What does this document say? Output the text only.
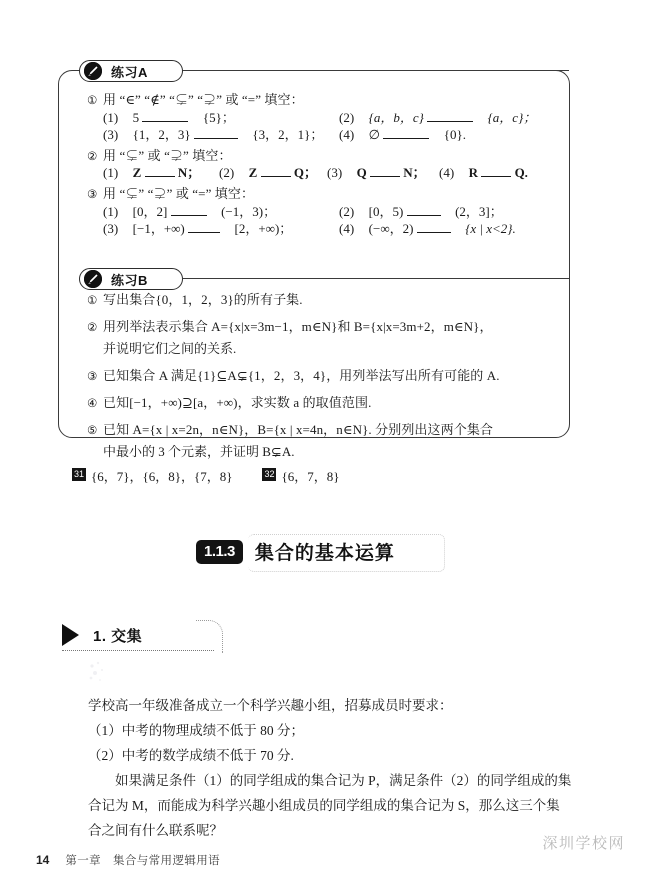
练习A
① 用 “∈” “∉” “⊊” “⊋” 或 “=” 填空：
(1) 5	{5}；	(2) {a，b，c}	{a，c}；
(3) {1，2，3}	{3，2，1}；	(4) ∅	{0}.
② 用 “⊊” 或 “⊋” 填空：
(1) Z	N；	(2) Z	Q； (3) Q	N；	(4) R	Q.
③ 用 “⊊” “⊋” 或 “=” 填空：
(1) [0，2]	(−1，3)；	(2) [0，5)	(2，3]；
(3) [−1，+∞)	[2，+∞)；	(4) (−∞，2)	{x | x<2}.
练习B
① 写出集合{0，1，2，3}的所有子集.
② 用列举法表示集合 A={x|x=3m−1，m∈N}和 B={x|x=3m+2，m∈N}，
并说明它们之间的关系.
③ 已知集合 A 满足{1}⊆A⊊{1，2，3，4}，用列举法写出所有可能的 A.
④ 已知[−1，+∞)⊇[a，+∞)，求实数 a 的取值范围.
⑤ 已知 A={x | x=2n，n∈N}，B={x | x=4n，n∈N}. 分别列出这两个集合
中最小的 3 个元素，并证明 B⊊A.
31 {6，7}，{6，8}，{7，8}	32 {6，7，8}
1.1.3	集合的基本运算
1. 交集

学校高一年级准备成立一个科学兴趣小组，招募成员时要求：

（1）中考的物理成绩不低于 80 分；

（2）中考的数学成绩不低于 70 分.

如果满足条件（1）的同学组成的集合记为 P，满足条件（2）的同学组成的集合记为 M，而能成为科学兴趣小组成员的同学组成的集合记为 S，那么这三个集合之间有什么联系呢？

14 第一章　集合与常用逻辑用语
深圳学校网
